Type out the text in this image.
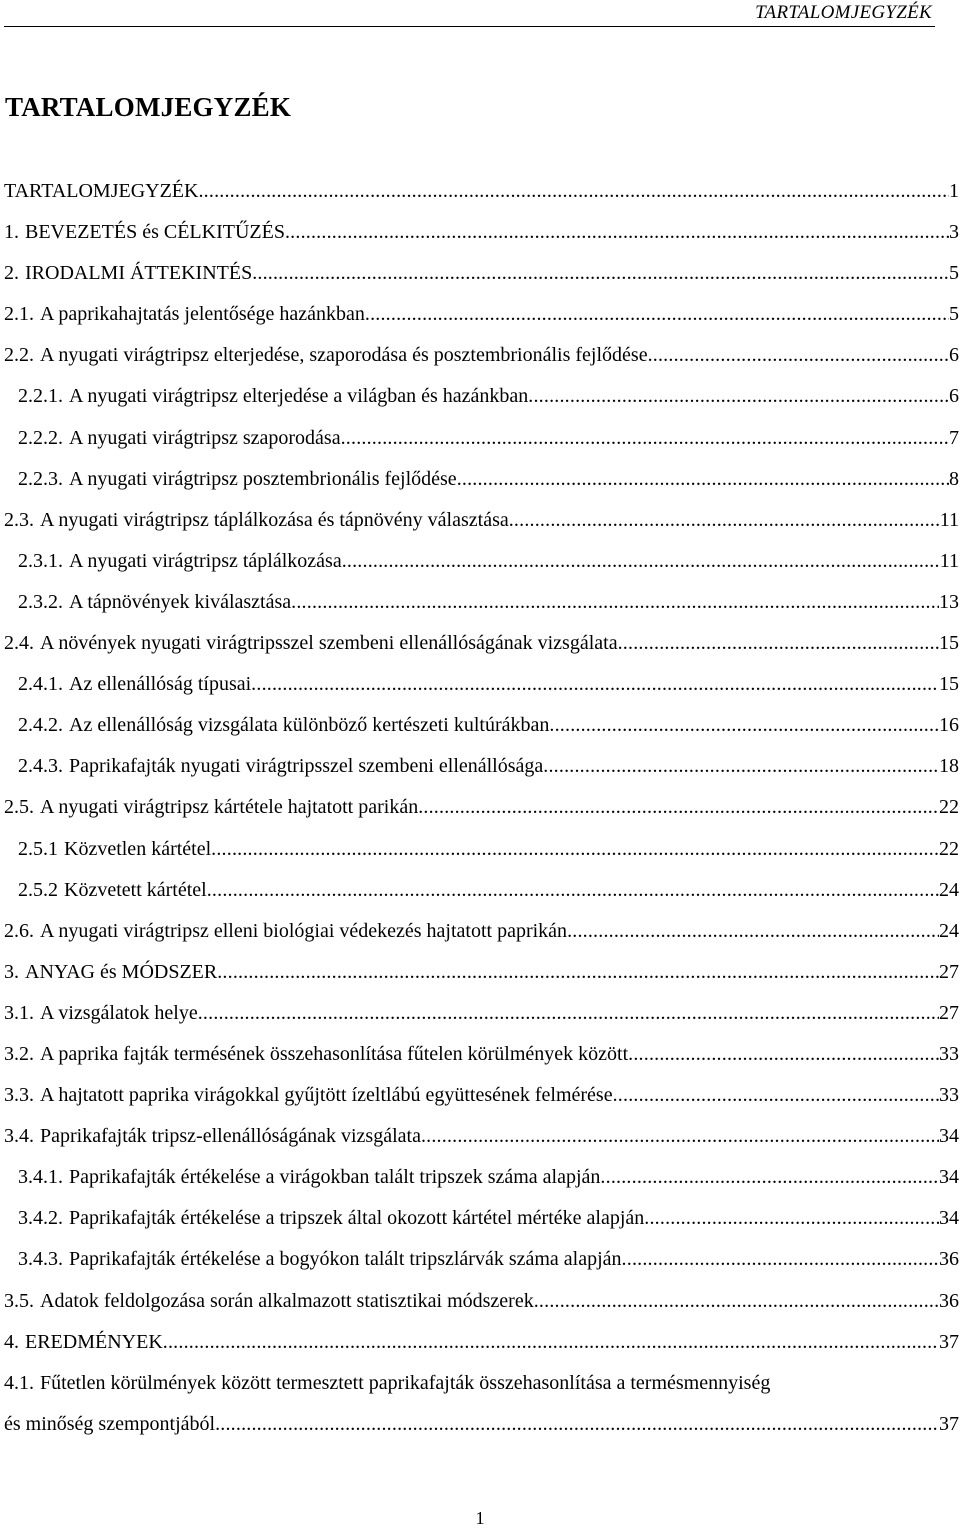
TARTALOMJEGYZÉK
TARTALOMJEGYZÉK
TARTALOMJEGYZÉK .....	1
1. BEVEZETÉS és CÉLKITŰZÉS .....	3
2. IRODALMI ÁTTEKINTÉS .....	5
2.1. A paprikahajtatás jelentősége hazánkban .....	5
2.2. A nyugati virágtripsz elterjedése, szaporodása és posztembrionális fejlődése .....	6
2.2.1. A nyugati virágtripsz elterjedése a világban és hazánkban .....	6
2.2.2. A nyugati virágtripsz szaporodása .....	7
2.2.3. A nyugati virágtripsz posztembrionális fejlődése .....	8
2.3. A nyugati virágtripsz táplálkozása és tápnövény választása .....	11
2.3.1. A nyugati virágtripsz táplálkozása .....	11
2.3.2. A tápnövények kiválasztása .....	13
2.4. A növények nyugati virágtripsszel szembeni ellenállóságának vizsgálata .....	15
2.4.1. Az ellenállóság típusai .....	15
2.4.2. Az ellenállóság vizsgálata különböző kertészeti kultúrákban .....	16
2.4.3. Paprikafajták nyugati virágtripsszel szembeni ellenállósága .....	18
2.5. A nyugati virágtripsz kártétele hajtatott parikán .....	22
2.5.1 Közvetlen kártétel .....	22
2.5.2 Közvetett kártétel .....	24
2.6. A nyugati virágtripsz elleni biológiai védekezés hajtatott paprikán .....	24
3. ANYAG és MÓDSZER .....	27
3.1. A vizsgálatok helye .....	27
3.2. A paprika fajták termésének összehasonlítása fűtelen körülmények között .....	33
3.3. A hajtatott paprika virágokkal gyűjtött ízeltlábú együttesének felmérése .....	33
3.4. Paprikafajták tripsz-ellenállóságának vizsgálata .....	34
3.4.1. Paprikafajták értékelése a virágokban talált tripszek száma alapján .....	34
3.4.2. Paprikafajták értékelése a tripszek által okozott kártétel mértéke alapján .....	34
3.4.3. Paprikafajták értékelése a bogyókon talált tripszlárvák száma alapján .....	36
3.5. Adatok feldolgozása során alkalmazott statisztikai módszerek .....	36
4. EREDMÉNYEK .....	37
4.1. Fűtetlen körülmények között termesztett paprikafajták összehasonlítása a termésmennyiség
és minőség szempontjából .....	37
1
